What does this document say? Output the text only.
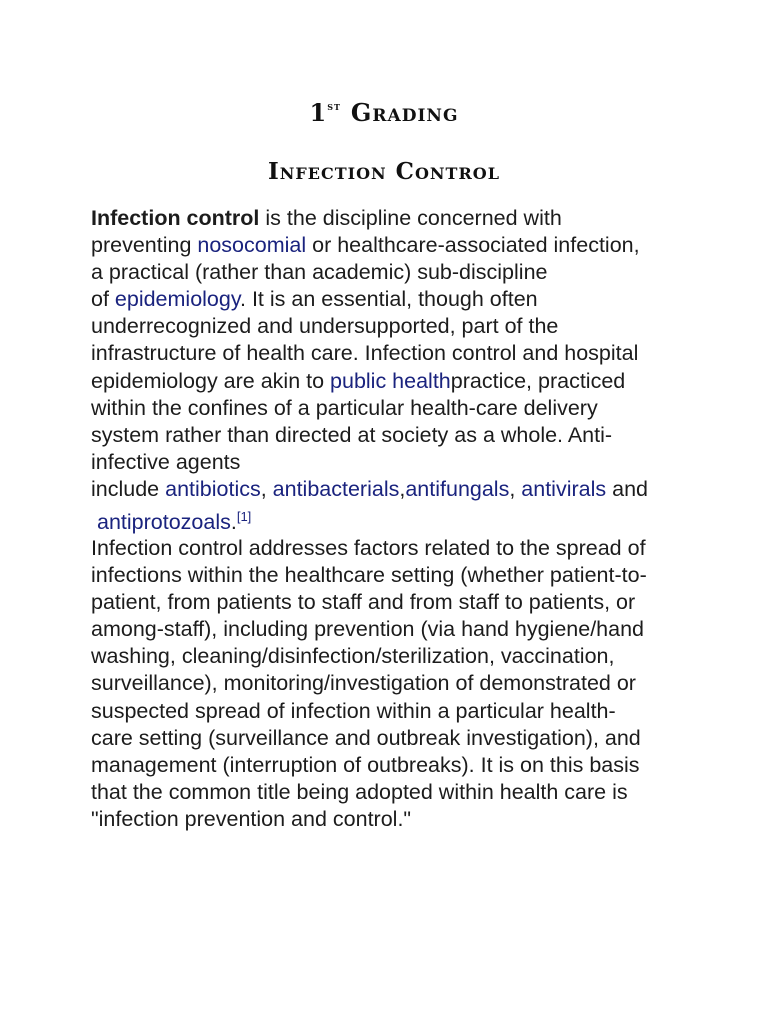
1st Grading
Infection Control
Infection control is the discipline concerned with
preventing nosocomial or healthcare-associated infection,
a practical (rather than academic) sub-discipline
of epidemiology. It is an essential, though often
underrecognized and undersupported, part of the
infrastructure of health care. Infection control and hospital
epidemiology are akin to public healthpractice, practiced
within the confines of a particular health-care delivery
system rather than directed at society as a whole. Anti-
infective agents
include antibiotics, antibacterials,antifungals, antivirals and
antiprotozoals.[1]
Infection control addresses factors related to the spread of
infections within the healthcare setting (whether patient-to-
patient, from patients to staff and from staff to patients, or
among-staff), including prevention (via hand hygiene/hand
washing, cleaning/disinfection/sterilization, vaccination,
surveillance), monitoring/investigation of demonstrated or
suspected spread of infection within a particular health-
care setting (surveillance and outbreak investigation), and
management (interruption of outbreaks). It is on this basis
that the common title being adopted within health care is
"infection prevention and control."
